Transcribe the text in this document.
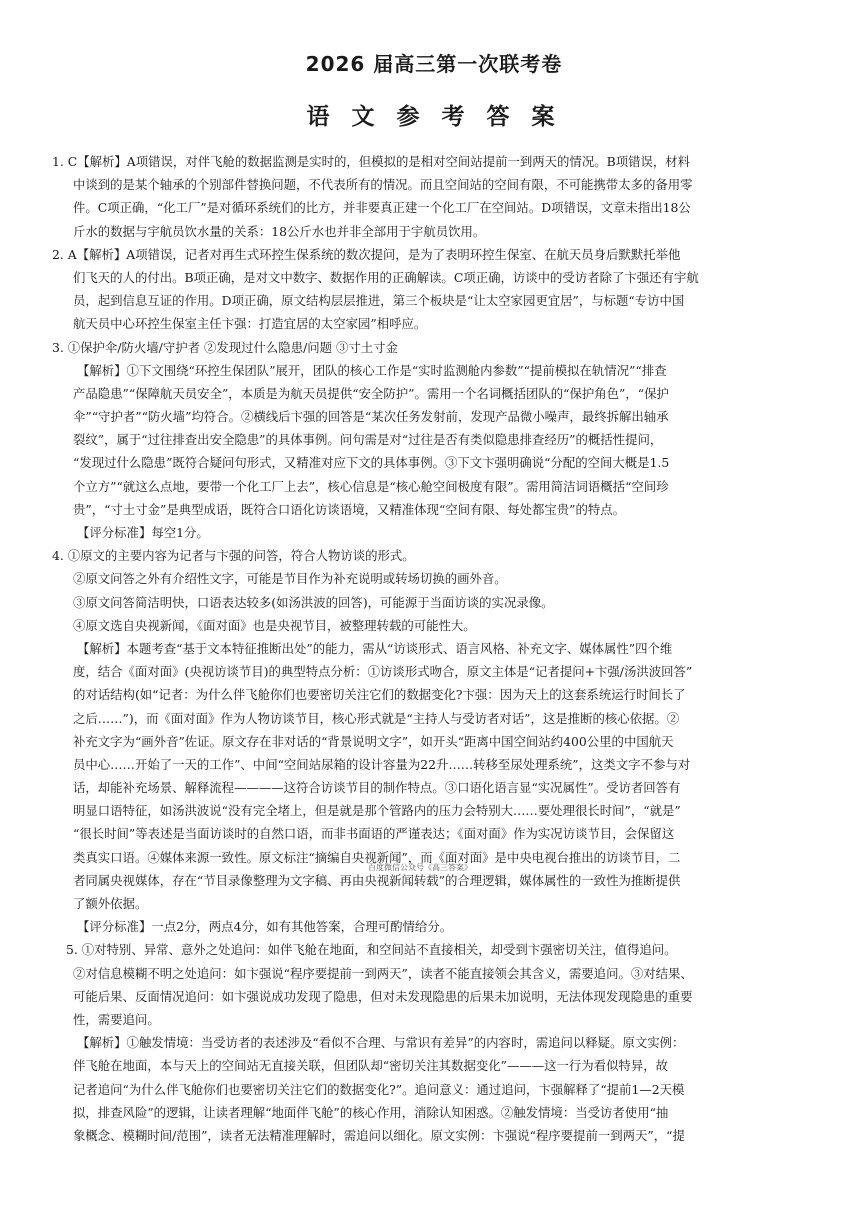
2026 届高三第一次联考卷
语 文 参 考 答 案
1. C【解析】A项错误，对伴飞舱的数据监测是实时的，但模拟的是相对空间站提前一到两天的情况。B项错误，材料
中谈到的是某个轴承的个别部件替换问题，不代表所有的情况。而且空间站的空间有限，不可能携带太多的备用零
件。C项正确，“化工厂”是对循环系统们的比方，并非要真正建一个化工厂在空间站。D项错误，文章未指出18公
斤水的数据与宇航员饮水量的关系：18公斤水也并非全部用于宇航员饮用。
2. A【解析】A项错误，记者对再生式环控生保系统的数次提问，是为了表明环控生保室、在航天员身后默默托举他
们飞天的人的付出。B项正确，是对文中数字、数据作用的正确解读。C项正确，访谈中的受访者除了卞强还有宇航
员，起到信息互证的作用。D项正确，原文结构层层推进，第三个板块是“让太空家园更宜居”，与标题“专访中国
航天员中心环控生保室主任卞强：打造宜居的太空家园”相呼应。
3. ①保护伞/防火墙/守护者 ②发现过什么隐患/问题 ③寸土寸金
【解析】①下文围绕“环控生保团队”展开，团队的核心工作是“实时监测舱内参数”“提前模拟在轨情况”“排查
产品隐患”“保障航天员安全”，本质是为航天员提供“安全防护”。需用一个名词概括团队的“保护角色”，“保护
伞”“守护者”“防火墙”均符合。②横线后卞强的回答是“某次任务发射前，发现产品微小噪声，最终拆解出轴承
裂纹”，属于“过往排查出安全隐患”的具体事例。问句需是对“过往是否有类似隐患排查经历”的概括性提问，
“发现过什么隐患”既符合疑问句形式，又精准对应下文的具体事例。③下文卞强明确说“分配的空间大概是1.5
个立方”“就这么点地，要带一个化工厂上去”，核心信息是“核心舱空间极度有限”。需用简洁词语概括“空间珍
贵”，“寸土寸金”是典型成语，既符合口语化访谈语境，又精准体现“空间有限、每处都宝贵”的特点。
【评分标准】每空1分。
4. ①原文的主要内容为记者与卞强的问答，符合人物访谈的形式。
②原文问答之外有介绍性文字，可能是节目作为补充说明或转场切换的画外音。
③原文问答简洁明快，口语表达较多(如汤洪波的回答)，可能源于当面访谈的实况录像。
④原文选自央视新闻，《面对面》也是央视节目，被整理转载的可能性大。
【解析】本题考查“基于文本特征推断出处”的能力，需从“访谈形式、语言风格、补充文字、媒体属性”四个维
度，结合《面对面》(央视访谈节目)的典型特点分析：①访谈形式吻合，原文主体是“记者提问+卞强/汤洪波回答”
的对话结构(如“记者：为什么伴飞舱你们也要密切关注它们的数据变化?卞强：因为天上的这套系统运行时间长了
之后……”)，而《面对面》作为人物访谈节目，核心形式就是“主持人与受访者对话”，这是推断的核心依据。②
补充文字为“画外音”佐证。原文存在非对话的“背景说明文字”，如开头“距离中国空间站约400公里的中国航天
员中心……开始了一天的工作”、中间“空间站尿箱的设计容量为22升……转移至尿处理系统”，这类文字不参与对
话，却能补充场景、解释流程————这符合访谈节目的制作特点。③口语化语言显“实况属性”。受访者回答有
明显口语特征，如汤洪波说“没有完全堵上，但是就是那个管路内的压力会特别大……要处理很长时间”，“就是”
“很长时间”等表述是当面访谈时的自然口语，而非书面语的严谨表达；《面对面》作为实况访谈节目，会保留这
类真实口语。④媒体来源一致性。原文标注“摘编自央视新闻”，而《面对面》是中央电视台推出的访谈节目，二
者同属央视媒体，存在“节目录像整理为文字稿、再由央视新闻转载”的合理逻辑，媒体属性的一致性为推断提供
了额外依据。
【评分标准】一点2分，两点4分，如有其他答案，合理可酌情给分。
5. ①对特别、异常、意外之处追问：如伴飞舱在地面，和空间站不直接相关，却受到卞强密切关注，值得追问。
②对信息模糊不明之处追问：如卞强说“程序要提前一到两天”，读者不能直接领会其含义，需要追问。③对结果、
可能后果、反面情况追问：如卞强说成功发现了隐患，但对未发现隐患的后果未加说明，无法体现发现隐患的重要
性，需要追问。
【解析】①触发情境：当受访者的表述涉及“看似不合理、与常识有差异”的内容时，需追问以释疑。原文实例：
伴飞舱在地面，本与天上的空间站无直接关联，但团队却“密切关注其数据变化”———这一行为看似特异，故
记者追问“为什么伴飞舱你们也要密切关注它们的数据变化?”。追问意义：通过追问，卞强解释了“提前1—2天模
拟，排查风险”的逻辑，让读者理解“地面伴飞舱”的核心作用，消除认知困惑。②触发情境：当受访者使用“抽
象概念、模糊时间/范围”，读者无法精准理解时，需追问以细化。原文实例：卞强说“程序要提前一到两天”，“提
百度微信公众号《高三答案》
